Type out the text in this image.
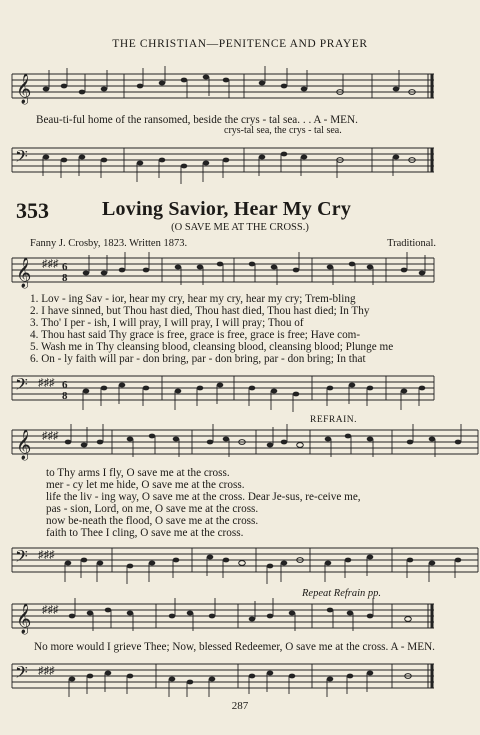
THE CHRISTIAN—PENITENCE AND PRAYER
𝄞
Beau-ti-ful home of the ransomed, beside the crys - tal sea. . . A - MEN.
crys-tal sea, the crys - tal sea.
𝄢
353	Loving Savior, Hear My Cry
(O SAVE ME AT THE CROSS.)
Fanny J. Crosby, 1823. Written 1873.	Traditional.
𝄞 ♯♯♯ 6
8
1. Lov - ing Sav - ior, hear my cry, hear my cry, hear my cry; Trem-bling
2. I have sinned, but Thou hast died, Thou hast died, Thou hast died; In Thy
3. Tho' I per - ish, I will pray, I will pray, I will pray; Thou of
4. Thou hast said Thy grace is free, grace is free, grace is free; Have com-
5. Wash me in Thy cleansing blood, cleansing blood, cleansing blood; Plunge me
6. On - ly faith will par - don bring, par - don bring, par - don bring; In that
𝄢 ♯♯♯ 6
8
REFRAIN.
𝄞 ♯♯♯
to Thy arms I fly, O save me at the cross.
mer - cy let me hide, O save me at the cross.
life the liv - ing way, O save me at the cross. Dear Je-sus, re-ceive me,
pas - sion, Lord, on me, O save me at the cross.
now be-neath the flood, O save me at the cross.
faith to Thee I cling, O save me at the cross.
𝄢 ♯♯♯
Repeat Refrain pp.
𝄞 ♯♯♯
No more would I grieve Thee; Now, blessed Redeemer, O save me at the cross. A - MEN.
𝄢 ♯♯♯
287
